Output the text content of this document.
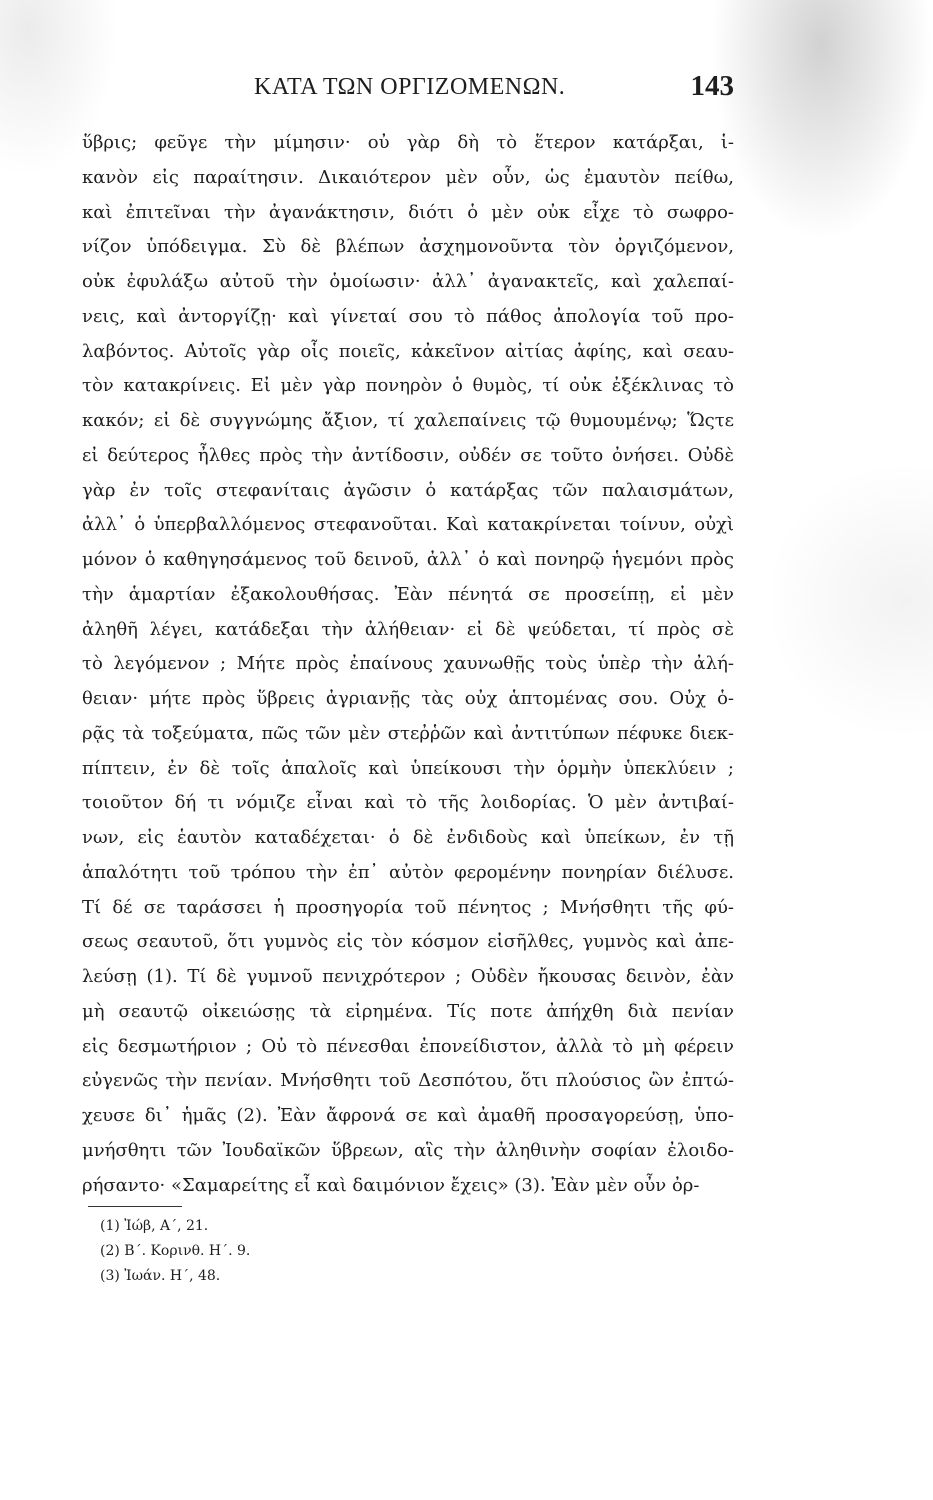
ΚΑΤΑ ΤΩΝ ΟΡΓΙΖΟΜΕΝΩΝ.	143
ὕβρις; φεῦγε τὴν μίμησιν· οὐ γὰρ δὴ τὸ ἕτερον κατάρξαι, ἱ-
κανὸν εἰς παραίτησιν. Δικαιότερον μὲν οὖν, ὡς ἐμαυτὸν πείθω,
καὶ ἐπιτεῖναι τὴν ἀγανάκτησιν, διότι ὁ μὲν οὐκ εἶχε τὸ σωφρο-
νίζον ὑπόδειγμα. Σὺ δὲ βλέπων ἀσχημονοῦντα τὸν ὀργιζόμενον,
οὐκ ἐφυλάξω αὐτοῦ τὴν ὁμοίωσιν· ἀλλ᾽ ἀγανακτεῖς, καὶ χαλεπαί-
νεις, καὶ ἀντοργίζῃ· καὶ γίνεταί σου τὸ πάθος ἀπολογία τοῦ προ-
λαβόντος. Αὐτοῖς γὰρ οἷς ποιεῖς, κἀκεῖνον αἰτίας ἀφίης, καὶ σεαυ-
τὸν κατακρίνεις. Εἰ μὲν γὰρ πονηρὸν ὁ θυμὸς, τί οὐκ ἐξέκλινας τὸ
κακόν; εἰ δὲ συγγνώμης ἄξιον, τί χαλεπαίνεις τῷ θυμουμένῳ; Ὥςτε
εἰ δεύτερος ἦλθες πρὸς τὴν ἀντίδοσιν, οὐδέν σε τοῦτο ὀνήσει. Οὐδὲ
γὰρ ἐν τοῖς στεφανίταις ἀγῶσιν ὁ κατάρξας τῶν παλαισμάτων,
ἀλλ᾽ ὁ ὑπερβαλλόμενος στεφανοῦται. Καὶ κατακρίνεται τοίνυν, οὐχὶ
μόνον ὁ καθηγησάμενος τοῦ δεινοῦ, ἀλλ᾽ ὁ καὶ πονηρῷ ἡγεμόνι πρὸς
τὴν ἁμαρτίαν ἐξακολουθήσας. Ἐὰν πένητά σε προσείπῃ, εἰ μὲν
ἀληθῆ λέγει, κατάδεξαι τὴν ἀλήθειαν· εἰ δὲ ψεύδεται, τί πρὸς σὲ
τὸ λεγόμενον ; Μήτε πρὸς ἐπαίνους χαυνωθῇς τοὺς ὑπὲρ τὴν ἀλή-
θειαν· μήτε πρὸς ὕβρεις ἀγριανῇς τὰς οὐχ ἁπτομένας σου. Οὐχ ὁ-
ρᾷς τὰ τοξεύματα, πῶς τῶν μὲν στεῤῥῶν καὶ ἀντιτύπων πέφυκε διεκ-
πίπτειν, ἐν δὲ τοῖς ἁπαλοῖς καὶ ὑπείκουσι τὴν ὁρμὴν ὑπεκλύειν ;
τοιοῦτον δή τι νόμιζε εἶναι καὶ τὸ τῆς λοιδορίας. Ὁ μὲν ἀντιβαί-
νων, εἰς ἑαυτὸν καταδέχεται· ὁ δὲ ἐνδιδοὺς καὶ ὑπείκων, ἐν τῇ
ἁπαλότητι τοῦ τρόπου τὴν ἐπ᾽ αὐτὸν φερομένην πονηρίαν διέλυσε.
Τί δέ σε ταράσσει ἡ προσηγορία τοῦ πένητος ; Μνήσθητι τῆς φύ-
σεως σεαυτοῦ, ὅτι γυμνὸς εἰς τὸν κόσμον εἰσῆλθες, γυμνὸς καὶ ἀπε-
λεύσῃ (1). Τί δὲ γυμνοῦ πενιχρότερον ; Οὐδὲν ἤκουσας δεινὸν, ἐὰν
μὴ σεαυτῷ οἰκειώσῃς τὰ εἰρημένα. Τίς ποτε ἀπήχθη διὰ πενίαν
εἰς δεσμωτήριον ; Οὐ τὸ πένεσθαι ἐπονείδιστον, ἀλλὰ τὸ μὴ φέρειν
εὐγενῶς τὴν πενίαν. Μνήσθητι τοῦ Δεσπότου, ὅτι πλούσιος ὢν ἐπτώ-
χευσε δι᾽ ἡμᾶς (2). Ἐὰν ἄφρονά σε καὶ ἀμαθῆ προσαγορεύσῃ, ὑπο-
μνήσθητι τῶν Ἰουδαϊκῶν ὕβρεων, αἳς τὴν ἀληθινὴν σοφίαν ἐλοιδο-
ρήσαντο· «Σαμαρείτης εἶ καὶ δαιμόνιον ἔχεις» (3). Ἐὰν μὲν οὖν ὀρ-
(1) Ἰώβ, Α΄, 21.
(2) Β΄. Κορινθ. Η΄. 9.
(3) Ἰωάν. Η΄, 48.
